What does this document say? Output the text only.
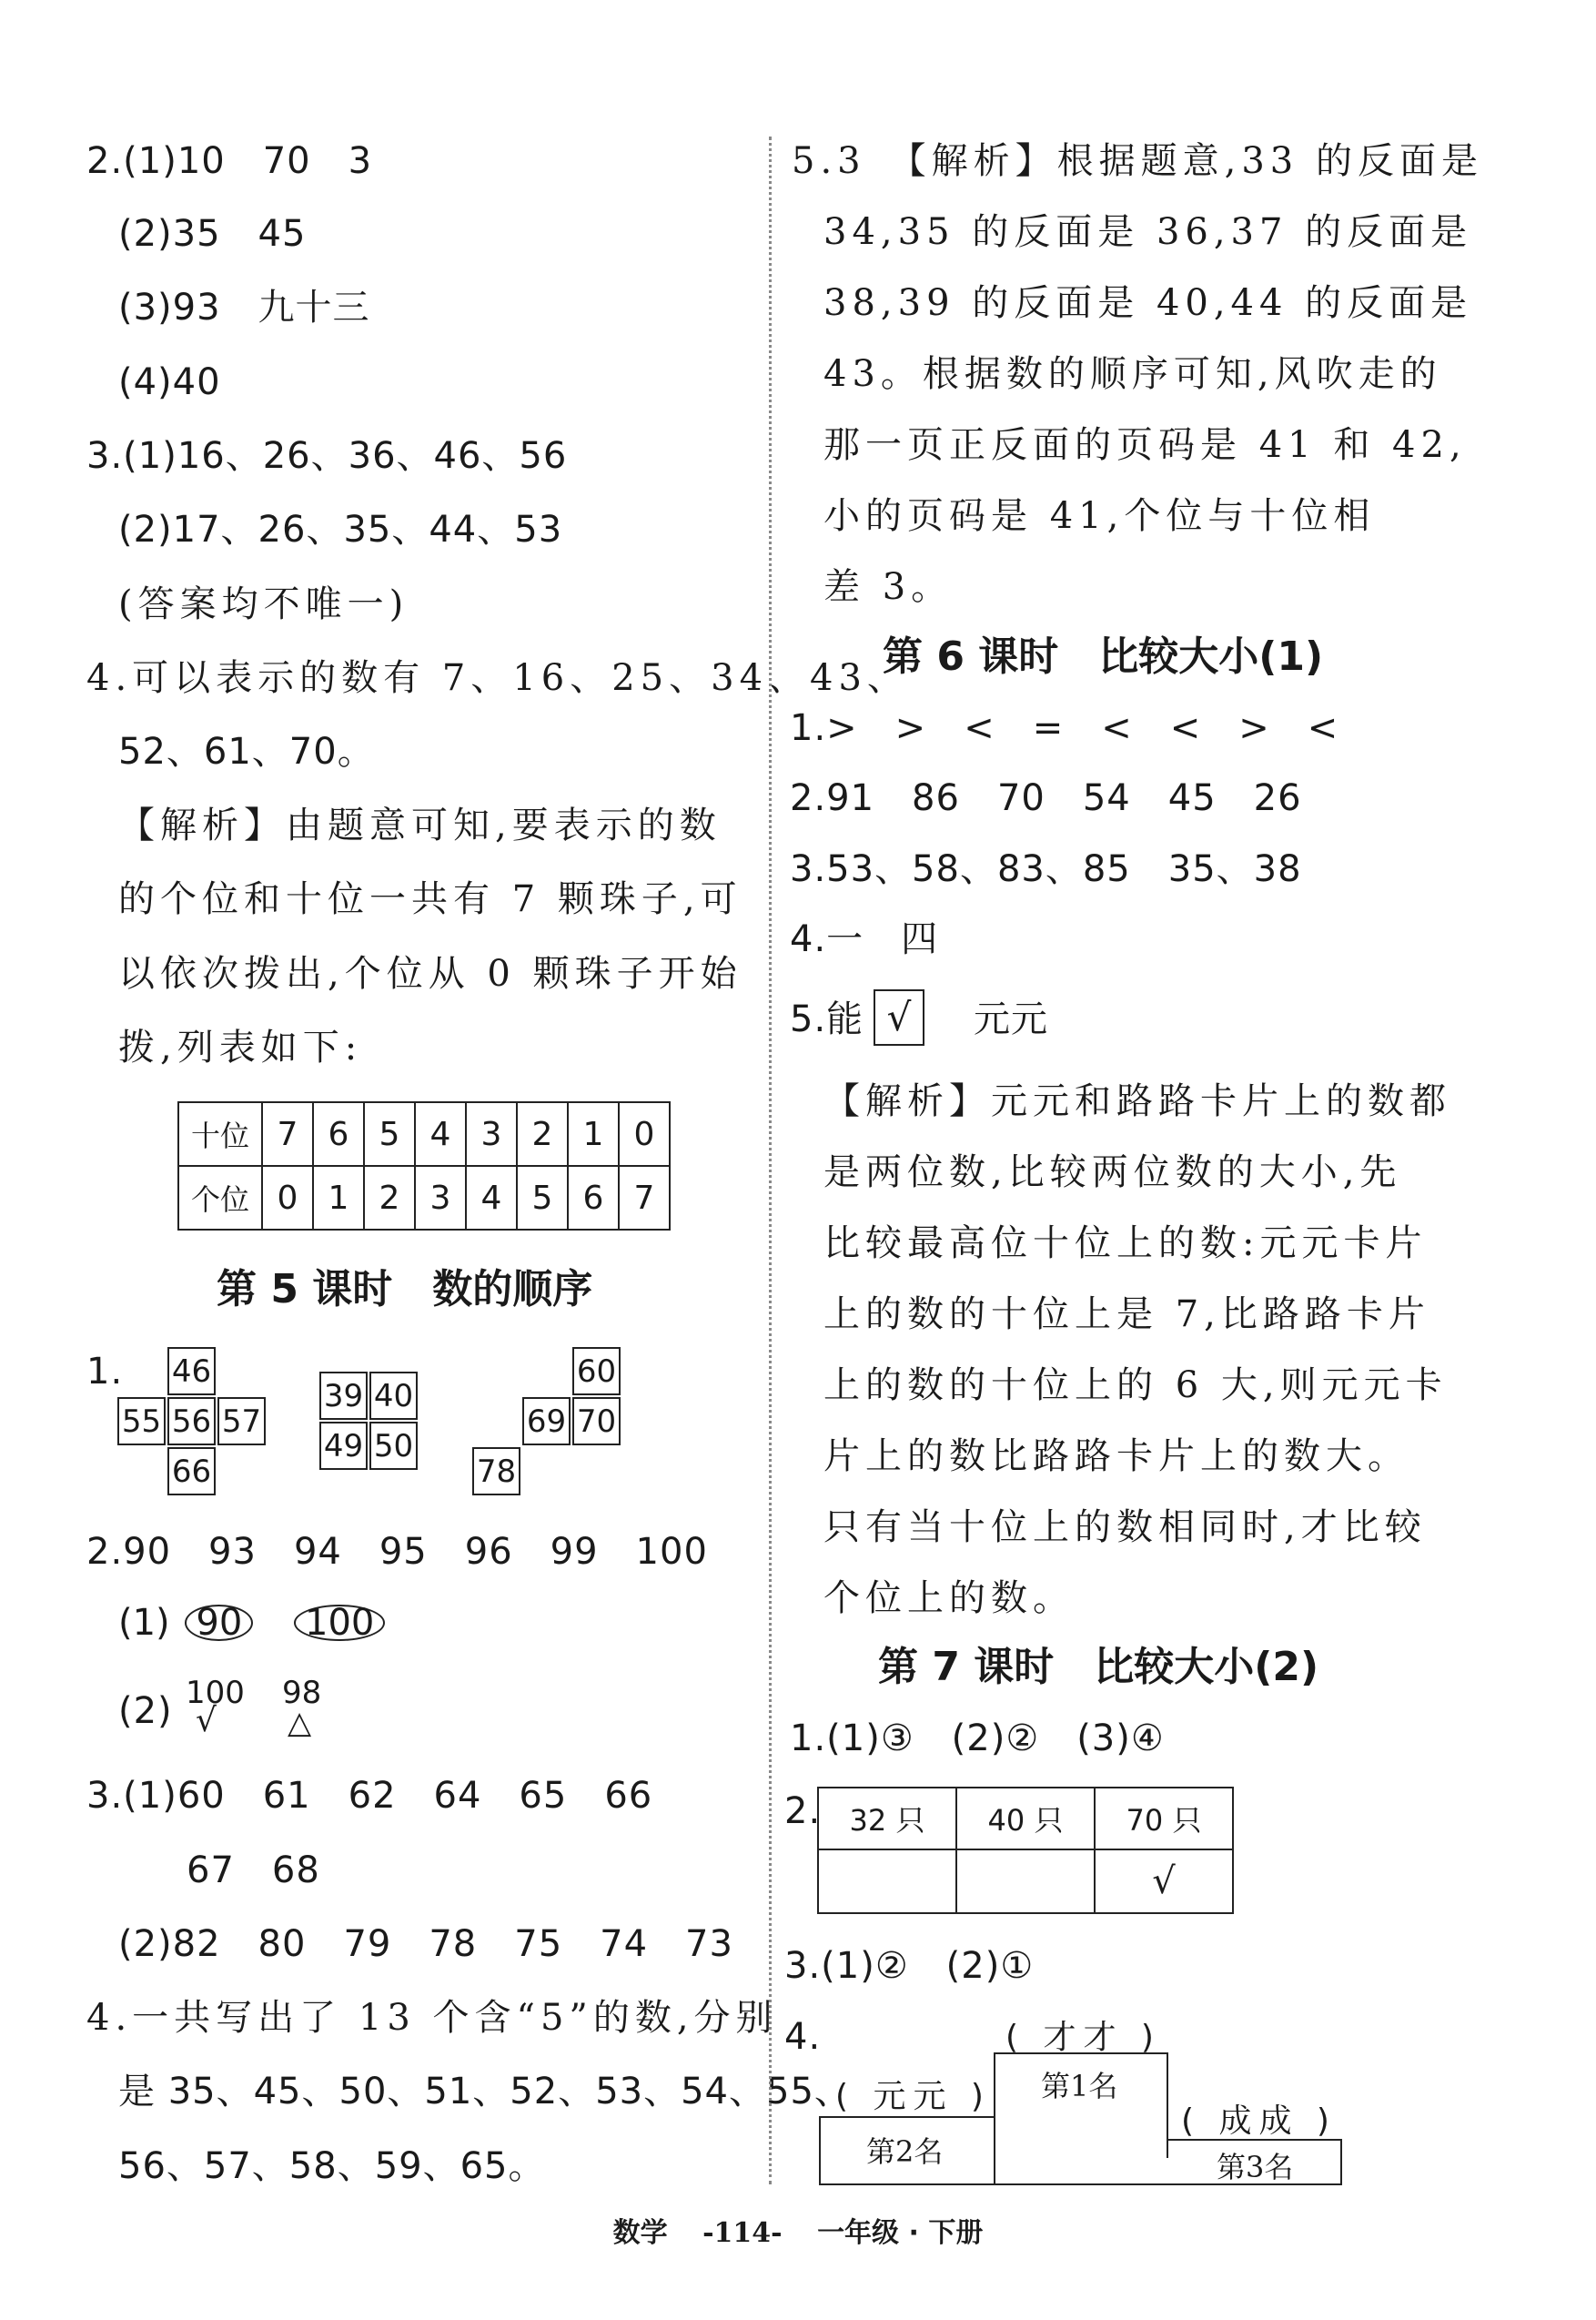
2.(1)10　70　3
(2)35　45
(3)93　九十三
(4)40
3.(1)16、26、36、46、56
(2)17、26、35、44、53
(答案均不唯一)
4.可以表示的数有 7、16、25、34、43、
52、61、70。
【解析】由题意可知,要表示的数
的个位和十位一共有 7 颗珠子,可
以依次拨出,个位从 0 颗珠子开始
拨,列表如下:
十位	7	6	5	4	3	2	1	0
个位	0	1	2	3	4	5	6	7
第 5 课时　数的顺序
1. 46
55 56 57
66
39 40
49 50
60
69 70
78
2.90　93　94　95　96　99　100
(1) 90 100
(2) 100
√
98
△
3.(1)60　61　62　64　65　66
67　68
(2)82　80　79　78　75　74　73
4.一共写出了 13 个含“5”的数,分别
是 35、45、50、51、52、53、54、55、
56、57、58、59、65。
5.3　【解析】根据题意,33 的反面是
34,35 的反面是 36,37 的反面是
38,39 的反面是 40,44 的反面是
43。根据数的顺序可知,风吹走的
那一页正反面的页码是 41 和 42,
小的页码是 41,个位与十位相
差 3。
第 6 课时　比较大小(1)
1.>　>　<　=　<　<　>　<
2.91　86　70　54　45　26
3.53、58、83、85　35、38
4.一　四
5.能 √	元元
【解析】元元和路路卡片上的数都
是两位数,比较两位数的大小,先
比较最高位十位上的数:元元卡片
上的数的十位上是 7,比路路卡片
上的数的十位上的 6 大,则元元卡
片上的数比路路卡片上的数大。
只有当十位上的数相同时,才比较
个位上的数。
第 7 课时　比较大小(2)
1.(1)③　(2)②　(3)④
2. 32 只	40 只	70 只
		√
3.(1)②　(2)①
4.	( 才才 )
( 元元 )
( 成成 )
第1名
第2名	第3名
数学 -114- 一年级 · 下册
